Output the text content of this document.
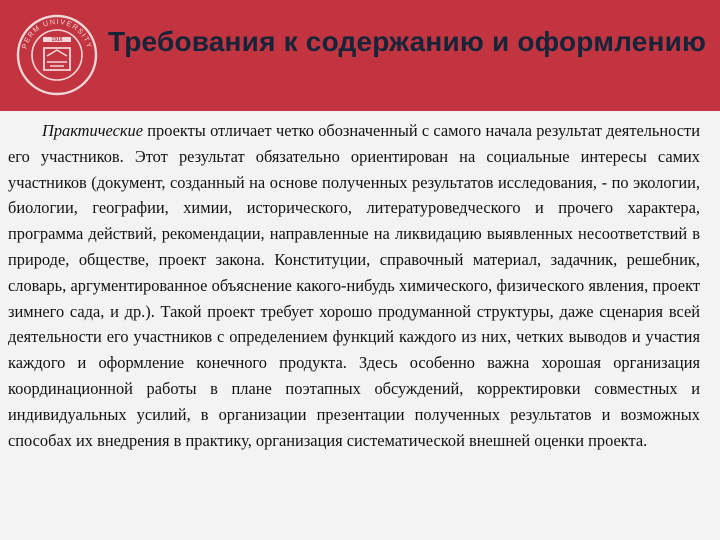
PERM UNIVERSITY
1916 Требования к содержанию и оформлению

Практические проекты отличает четко обозначенный с самого начала результат деятельности его участников. Этот результат обязательно ориентирован на социальные интересы самих участников (документ, созданный на основе полученных результатов исследования, - по экологии, биологии, географии, химии, исторического, литературоведческого и прочего характера, программа действий, рекомендации, направленные на ликвидацию выявленных несоответствий в природе, обществе, проект закона. Конституции, справочный материал, задачник, решебник, словарь, аргументированное объяснение какого-нибудь химического, физического явления, проект зимнего сада, и др.). Такой проект требует хорошо продуманной структуры, даже сценария всей деятельности его участников с определением функций каждого из них, четких выводов и участия каждого и оформление конечного продукта. Здесь особенно важна хорошая организация координационной работы в плане поэтапных обсуждений, корректировки совместных и индивидуальных усилий, в организации презентации полученных результатов и возможных способах их внедрения в практику, организация систематической внешней оценки проекта.
